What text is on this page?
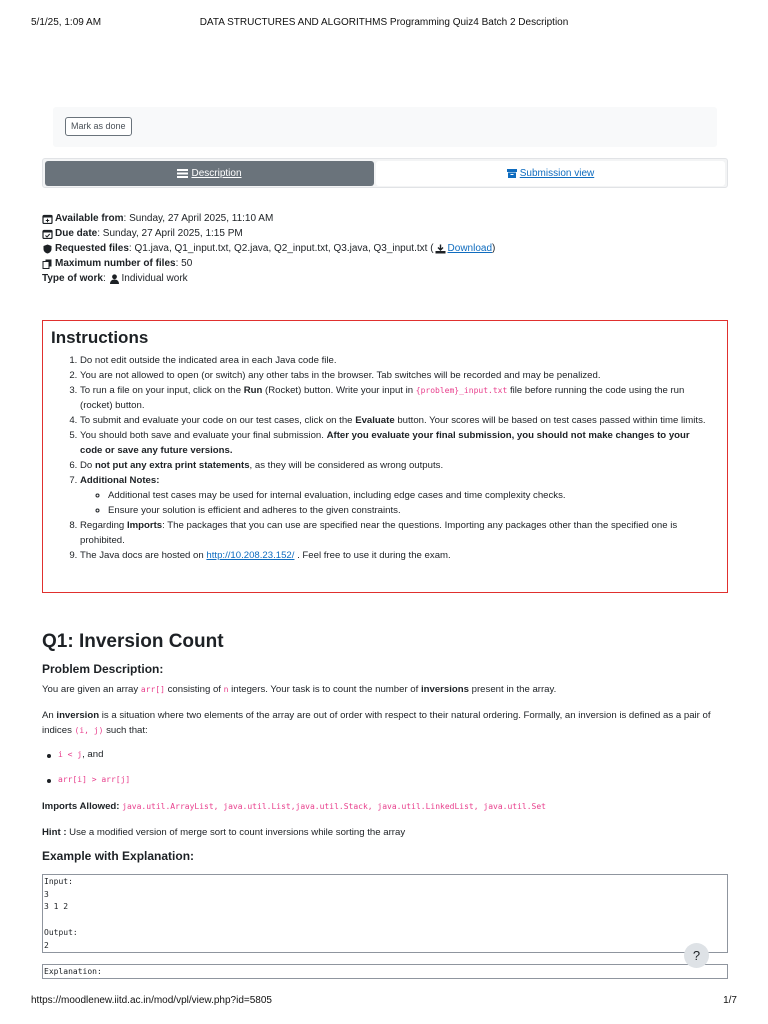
5/1/25, 1:09 AM	DATA STRUCTURES AND ALGORITHMS Programming Quiz4 Batch 2 Description
Mark as done
Description	Submission view
Available from : Sunday, 27 April 2025, 11:10 AM
Due date : Sunday, 27 April 2025, 1:15 PM
Requested files : Q1.java, Q1_input.txt, Q2.java, Q2_input.txt, Q3.java, Q3_input.txt ( Download )
Maximum number of files : 50
Type of work : Individual work
Instructions
1. Do not edit outside the indicated area in each Java code file.
2. You are not allowed to open (or switch) any other tabs in the browser. Tab switches will be recorded and may be penalized.
3. To run a file on your input, click on the Run (Rocket) button. Write your input in {problem}_input.txt file before running the code using the run (rocket) button.
4. To submit and evaluate your code on our test cases, click on the Evaluate button. Your scores will be based on test cases passed within time limits.
5. You should both save and evaluate your final submission. After you evaluate your final submission, you should not make changes to your code or save any future versions.
6. Do not put any extra print statements, as they will be considered as wrong outputs.
7. Additional Notes:
◦ Additional test cases may be used for internal evaluation, including edge cases and time complexity checks.
◦ Ensure your solution is efficient and adheres to the given constraints.
8. Regarding Imports: The packages that you can use are specified near the questions. Importing any packages other than the specified one is prohibited.
9. The Java docs are hosted on http://10.208.23.152/ . Feel free to use it during the exam.
Q1: Inversion Count
Problem Description:

You are given an array arr[] consisting of n integers. Your task is to count the number of inversions present in the array.

An inversion is a situation where two elements of the array are out of order with respect to their natural ordering. Formally, an inversion is defined as a pair of indices (i, j) such that:

i < j, and
arr[i] > arr[j]

Imports Allowed: java.util.ArrayList, java.util.List,java.util.Stack, java.util.LinkedList, java.util.Set

Hint : Use a modified version of merge sort to count inversions while sorting the array

Example with Explanation:
Input:
3
3 1 2

Output:
2
Explanation:
?
https://moodlenew.iitd.ac.in/mod/vpl/view.php?id=5805	1/7
